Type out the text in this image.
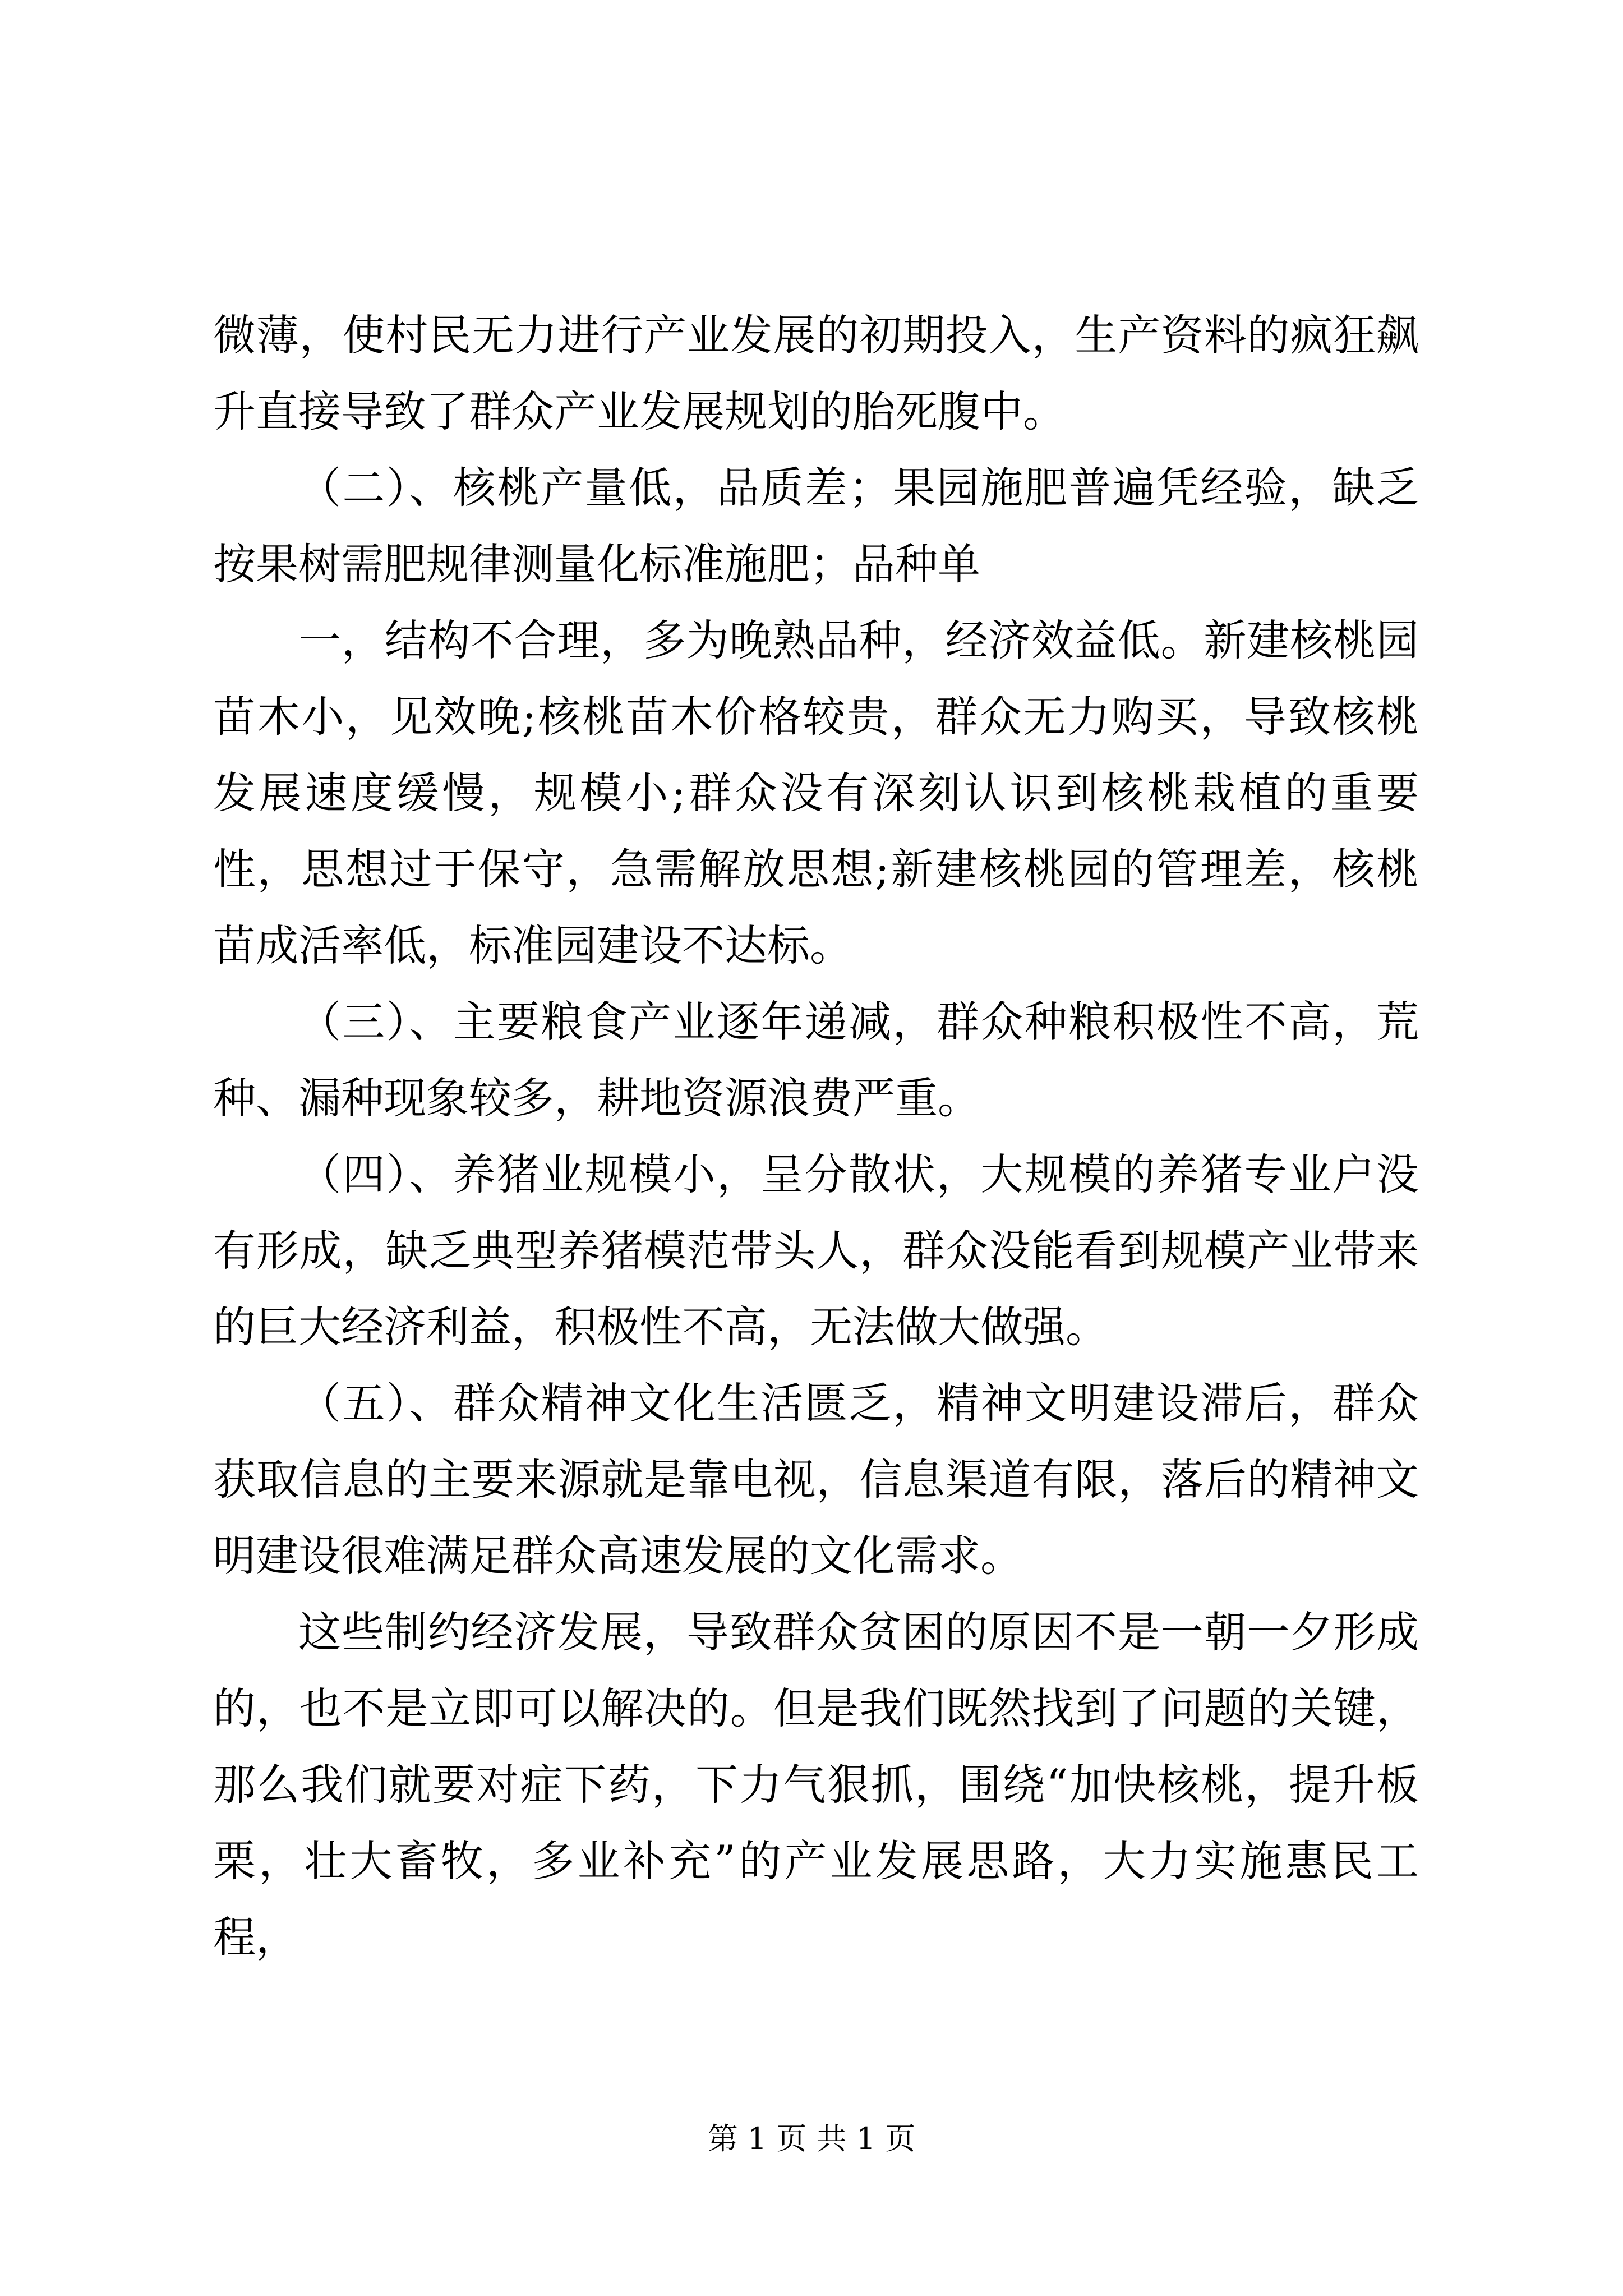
微薄，使村民无力进行产业发展的初期投入，生产资料的疯狂飙升直接导致了群众产业发展规划的胎死腹中。

（二）、核桃产量低，品质差；果园施肥普遍凭经验，缺乏按果树需肥规律测量化标准施肥；品种单

一，结构不合理，多为晚熟品种，经济效益低。新建核桃园苗木小，见效晚;核桃苗木价格较贵，群众无力购买，导致核桃发展速度缓慢，规模小;群众没有深刻认识到核桃栽植的重要性，思想过于保守，急需解放思想;新建核桃园的管理差，核桃苗成活率低，标准园建设不达标。

（三）、主要粮食产业逐年递减，群众种粮积极性不高，荒种、漏种现象较多，耕地资源浪费严重。

（四）、养猪业规模小，呈分散状，大规模的养猪专业户没有形成，缺乏典型养猪模范带头人，群众没能看到规模产业带来的巨大经济利益，积极性不高，无法做大做强。

（五）、群众精神文化生活匮乏，精神文明建设滞后，群众获取信息的主要来源就是靠电视，信息渠道有限，落后的精神文明建设很难满足群众高速发展的文化需求。

这些制约经济发展，导致群众贫困的原因不是一朝一夕形成的，也不是立即可以解决的。但是我们既然找到了问题的关键，那么我们就要对症下药，下力气狠抓，围绕“加快核桃，提升板栗，壮大畜牧，多业补充”的产业发展思路，大力实施惠民工程，

第 1 页 共 1 页
